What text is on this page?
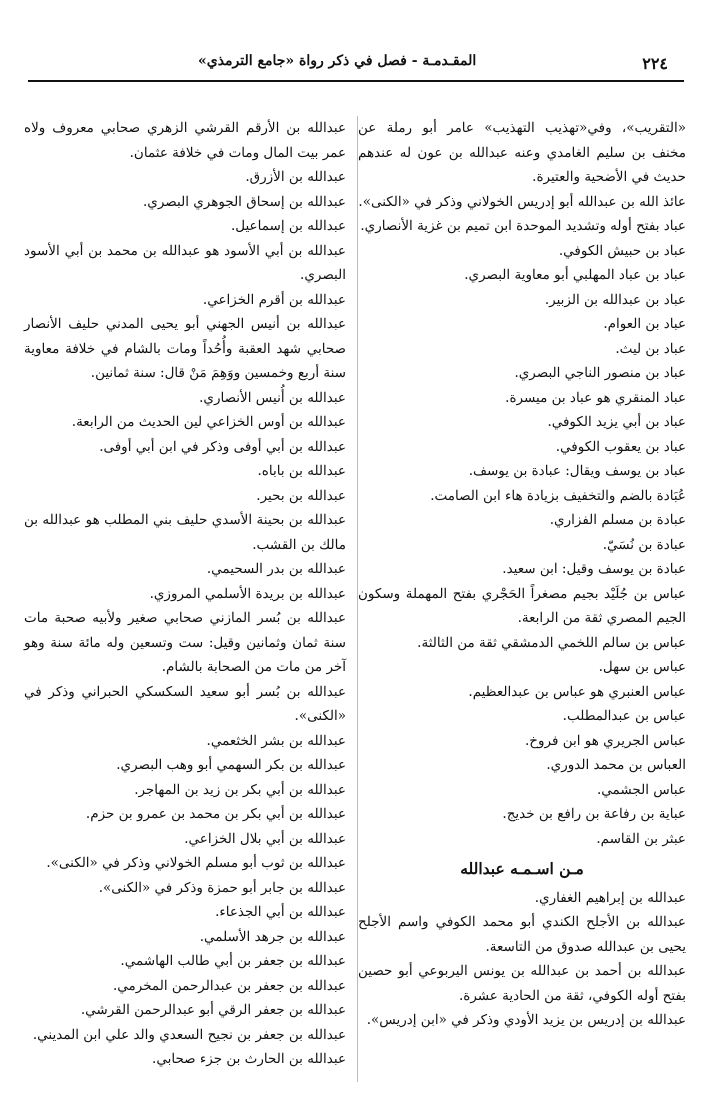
٢٢٤
المقـدمـة - فصل في ذكر رواة «جامع الترمذي»

«التقريب»، وفي«تهذيب التهذيب» عامر أبو رملة عن مخنف بن سليم الغامدي وعنه عبدالله بن عون له عندهم حديث في الأضحية والعتيرة.

عائذ الله بن عبدالله أبو إدريس الخولاني وذكر في «الكنى».

عباد بفتح أوله وتشديد الموحدة ابن تميم بن غزية الأنصاري.

عباد بن حبيش الكوفي.

عباد بن عباد المهلبي أبو معاوية البصري.

عباد بن عبدالله بن الزبير.

عباد بن العوام.

عباد بن ليث.

عباد بن منصور الناجي البصري.

عباد المنقري هو عباد بن ميسرة.

عباد بن أبي يزيد الكوفي.

عباد بن يعقوب الكوفي.

عباد بن يوسف ويقال: عبادة بن يوسف.

عُبَادة بالضم والتخفيف بزيادة هاء ابن الصامت.

عبادة بن مسلم الفزاري.

عبادة بن نُسَيّ.

عبادة بن يوسف وقيل: ابن سعيد.

عباس بن جُلَيْد بجيم مصغراً الحَجْري بفتح المهملة وسكون الجيم المصري ثقة من الرابعة.

عباس بن سالم اللخمي الدمشقي ثقة من الثالثة.

عباس بن سهل.

عباس العنبري هو عباس بن عبدالعظيم.

عباس بن عبدالمطلب.

عباس الجريري هو ابن فروخ.

العباس بن محمد الدوري.

عباس الجشمي.

عباية بن رفاعة بن رافع بن خديج.

عبثر بن القاسم.

مـن اسـمـه عبدالله

عبدالله بن إبراهيم الغفاري.

عبدالله بن الأجلح الكندي أبو محمد الكوفي واسم الأجلح يحيى بن عبدالله صدوق من التاسعة.

عبدالله بن أحمد بن عبدالله بن يونس اليربوعي أبو حصين بفتح أوله الكوفي، ثقة من الحادية عشرة.

عبدالله بن إدريس بن يزيد الأودي وذكر في «ابن إدريس».

عبدالله بن الأرقم القرشي الزهري صحابي معروف ولاه عمر بيت المال ومات في خلافة عثمان.

عبدالله بن الأزرق.

عبدالله بن إسحاق الجوهري البصري.

عبدالله بن إسماعيل.

عبدالله بن أبي الأسود هو عبدالله بن محمد بن أبي الأسود البصري.

عبدالله بن أقرم الخزاعي.

عبدالله بن أنيس الجهني أبو يحيى المدني حليف الأنصار صحابي شهد العقبة وأُحُداً ومات بالشام في خلافة معاوية سنة أربع وخمسين ووَهِمَ مَنْ قال: سنة ثمانين.

عبدالله بن أُنيس الأنصاري.

عبدالله بن أوس الخزاعي لين الحديث من الرابعة.

عبدالله بن أبي أوفى وذكر في ابن أبي أوفى.

عبدالله بن باباه.

عبدالله بن بحير.

عبدالله بن بحينة الأسدي حليف بني المطلب هو عبدالله بن مالك بن القشب.

عبدالله بن بدر السحيمي.

عبدالله بن بريدة الأسلمي المروزي.

عبدالله بن بُسر المازني صحابي صغير ولأبيه صحبة مات سنة ثمان وثمانين وقيل: ست وتسعين وله مائة سنة وهو آخر من مات من الصحابة بالشام.

عبدالله بن بُسر أبو سعيد السكسكي الحبراني وذكر في «الكنى».

عبدالله بن بشر الخثعمي.

عبدالله بن بكر السهمي أبو وهب البصري.

عبدالله بن أبي بكر بن زيد بن المهاجر.

عبدالله بن أبي بكر بن محمد بن عمرو بن حزم.

عبدالله بن أبي بلال الخزاعي.

عبدالله بن ثوب أبو مسلم الخولاني وذكر في «الكنى».

عبدالله بن جابر أبو حمزة وذكر في «الكنى».

عبدالله بن أبي الجذعاء.

عبدالله بن جرهد الأسلمي.

عبدالله بن جعفر بن أبي طالب الهاشمي.

عبدالله بن جعفر بن عبدالرحمن المخرمي.

عبدالله بن جعفر الرقي أبو عبدالرحمن القرشي.

عبدالله بن جعفر بن نجيح السعدي والد علي ابن المديني.

عبدالله بن الحارث بن جزء صحابي.
